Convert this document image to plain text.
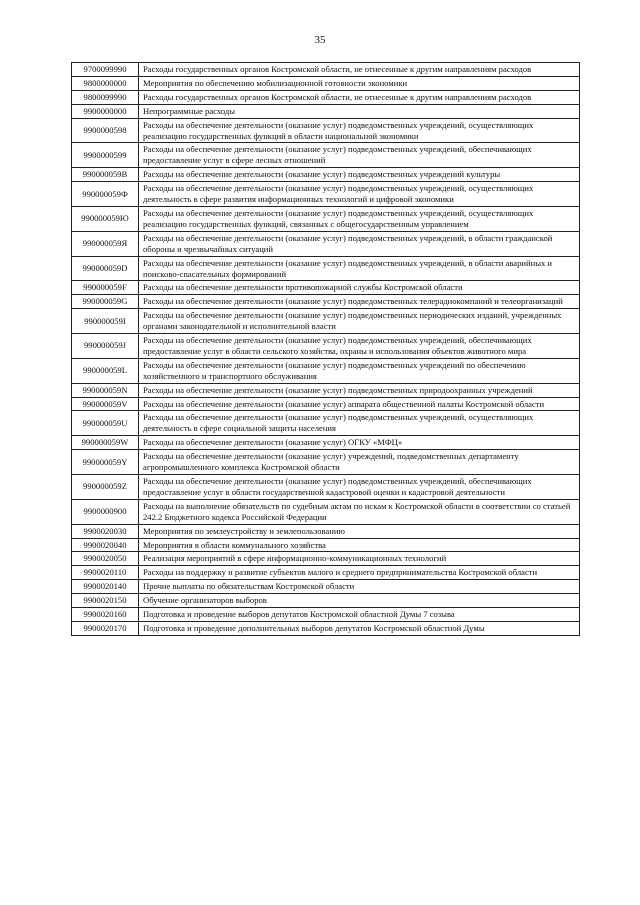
35
9700099990	Расходы государственных органов Костромской области, не отнесенные к другим направлениям расходов
9800000000	Мероприятия по обеспечению мобилизационной готовности экономики
9800099990	Расходы государственных органов Костромской области, не отнесенные к другим направлениям расходов
9900000000	Непрограммные расходы
9900000598	Расходы на обеспечение деятельности (оказание услуг) подведомственных учреждений, осуществляющих реализацию государственных функций в области национальной экономики
9900000599	Расходы на обеспечение деятельности (оказание услуг) подведомственных учреждений, обеспечивающих предоставление услуг в сфере лесных отношений
990000059В	Расходы на обеспечение деятельности (оказание услуг) подведомственных учреждений культуры
990000059Ф	Расходы на обеспечение деятельности (оказание услуг) подведомственных учреждений, осуществляющих деятельность в сфере развития информационных технологий и цифровой экономики
990000059Ю	Расходы на обеспечение деятельности (оказание услуг) подведомственных учреждений, осуществляющих реализацию государственных функций, связанных с общегосударственным управлением
990000059Я	Расходы на обеспечение деятельности (оказание услуг) подведомственных учреждений, в области гражданской обороны и чрезвычайных ситуаций
990000059D	Расходы на обеспечение деятельности (оказание услуг) подведомственных учреждений, в области аварийных и поисково-спасательных формирований
990000059F	Расходы на обеспечение деятельности противопожарной службы Костромской области
990000059G	Расходы на обеспечение деятельности (оказание услуг) подведомственных телерадиокомпаний и телеорганизаций
990000059I	Расходы на обеспечение деятельности (оказание услуг) подведомственных периодических изданий, учрежденных органами законодательной и исполнительной власти
990000059J	Расходы на обеспечение деятельности (оказание услуг) подведомственных учреждений, обеспечивающих предоставление услуг в области сельского хозяйства, охраны и использования объектов животного мира
990000059L	Расходы на обеспечение деятельности (оказание услуг) подведомственных учреждений по обеспечению хозяйственного и транспортного обслуживания
990000059N	Расходы на обеспечение деятельности (оказание услуг) подведомственных природоохранных учреждений
990000059V	Расходы на обеспечение деятельности (оказание услуг) аппарата общественной палаты Костромской области
990000059U	Расходы на обеспечение деятельности (оказание услуг) подведомственных учреждений, осуществляющих деятельность в сфере социальной защиты населения
990000059W	Расходы на обеспечение деятельности (оказание услуг) ОГКУ «МФЦ»
990000059Y	Расходы на обеспечение деятельности (оказание услуг) учреждений, подведомственных департаменту агропромышленного комплекса Костромской области
990000059Z	Расходы на обеспечение деятельности (оказание услуг) подведомственных учреждений, обеспечивающих предоставление услуг в области государственной кадастровой оценки и кадастровой деятельности
9900000900	Расходы на выполнение обязательств по судебным актам по искам к Костромской области в соответствии со статьей 242.2 Бюджетного кодекса Российской Федерации
9900020030	Мероприятия по землеустройству и землепользованию
9900020040	Мероприятия в области коммунального хозяйства
9900020050	Реализация мероприятий в сфере информационно-коммуникационных технологий
9900020110	Расходы на поддержку и развитие субъектов малого и среднего предпринимательства Костромской области
9900020140	Прочие выплаты по обязательствам Костромской области
9900020150	Обучение организаторов выборов
9900020160	Подготовка и проведение выборов депутатов Костромской областной Думы 7 созыва
9900020170	Подготовка и проведение дополнительных выборов депутатов Костромской областной Думы
